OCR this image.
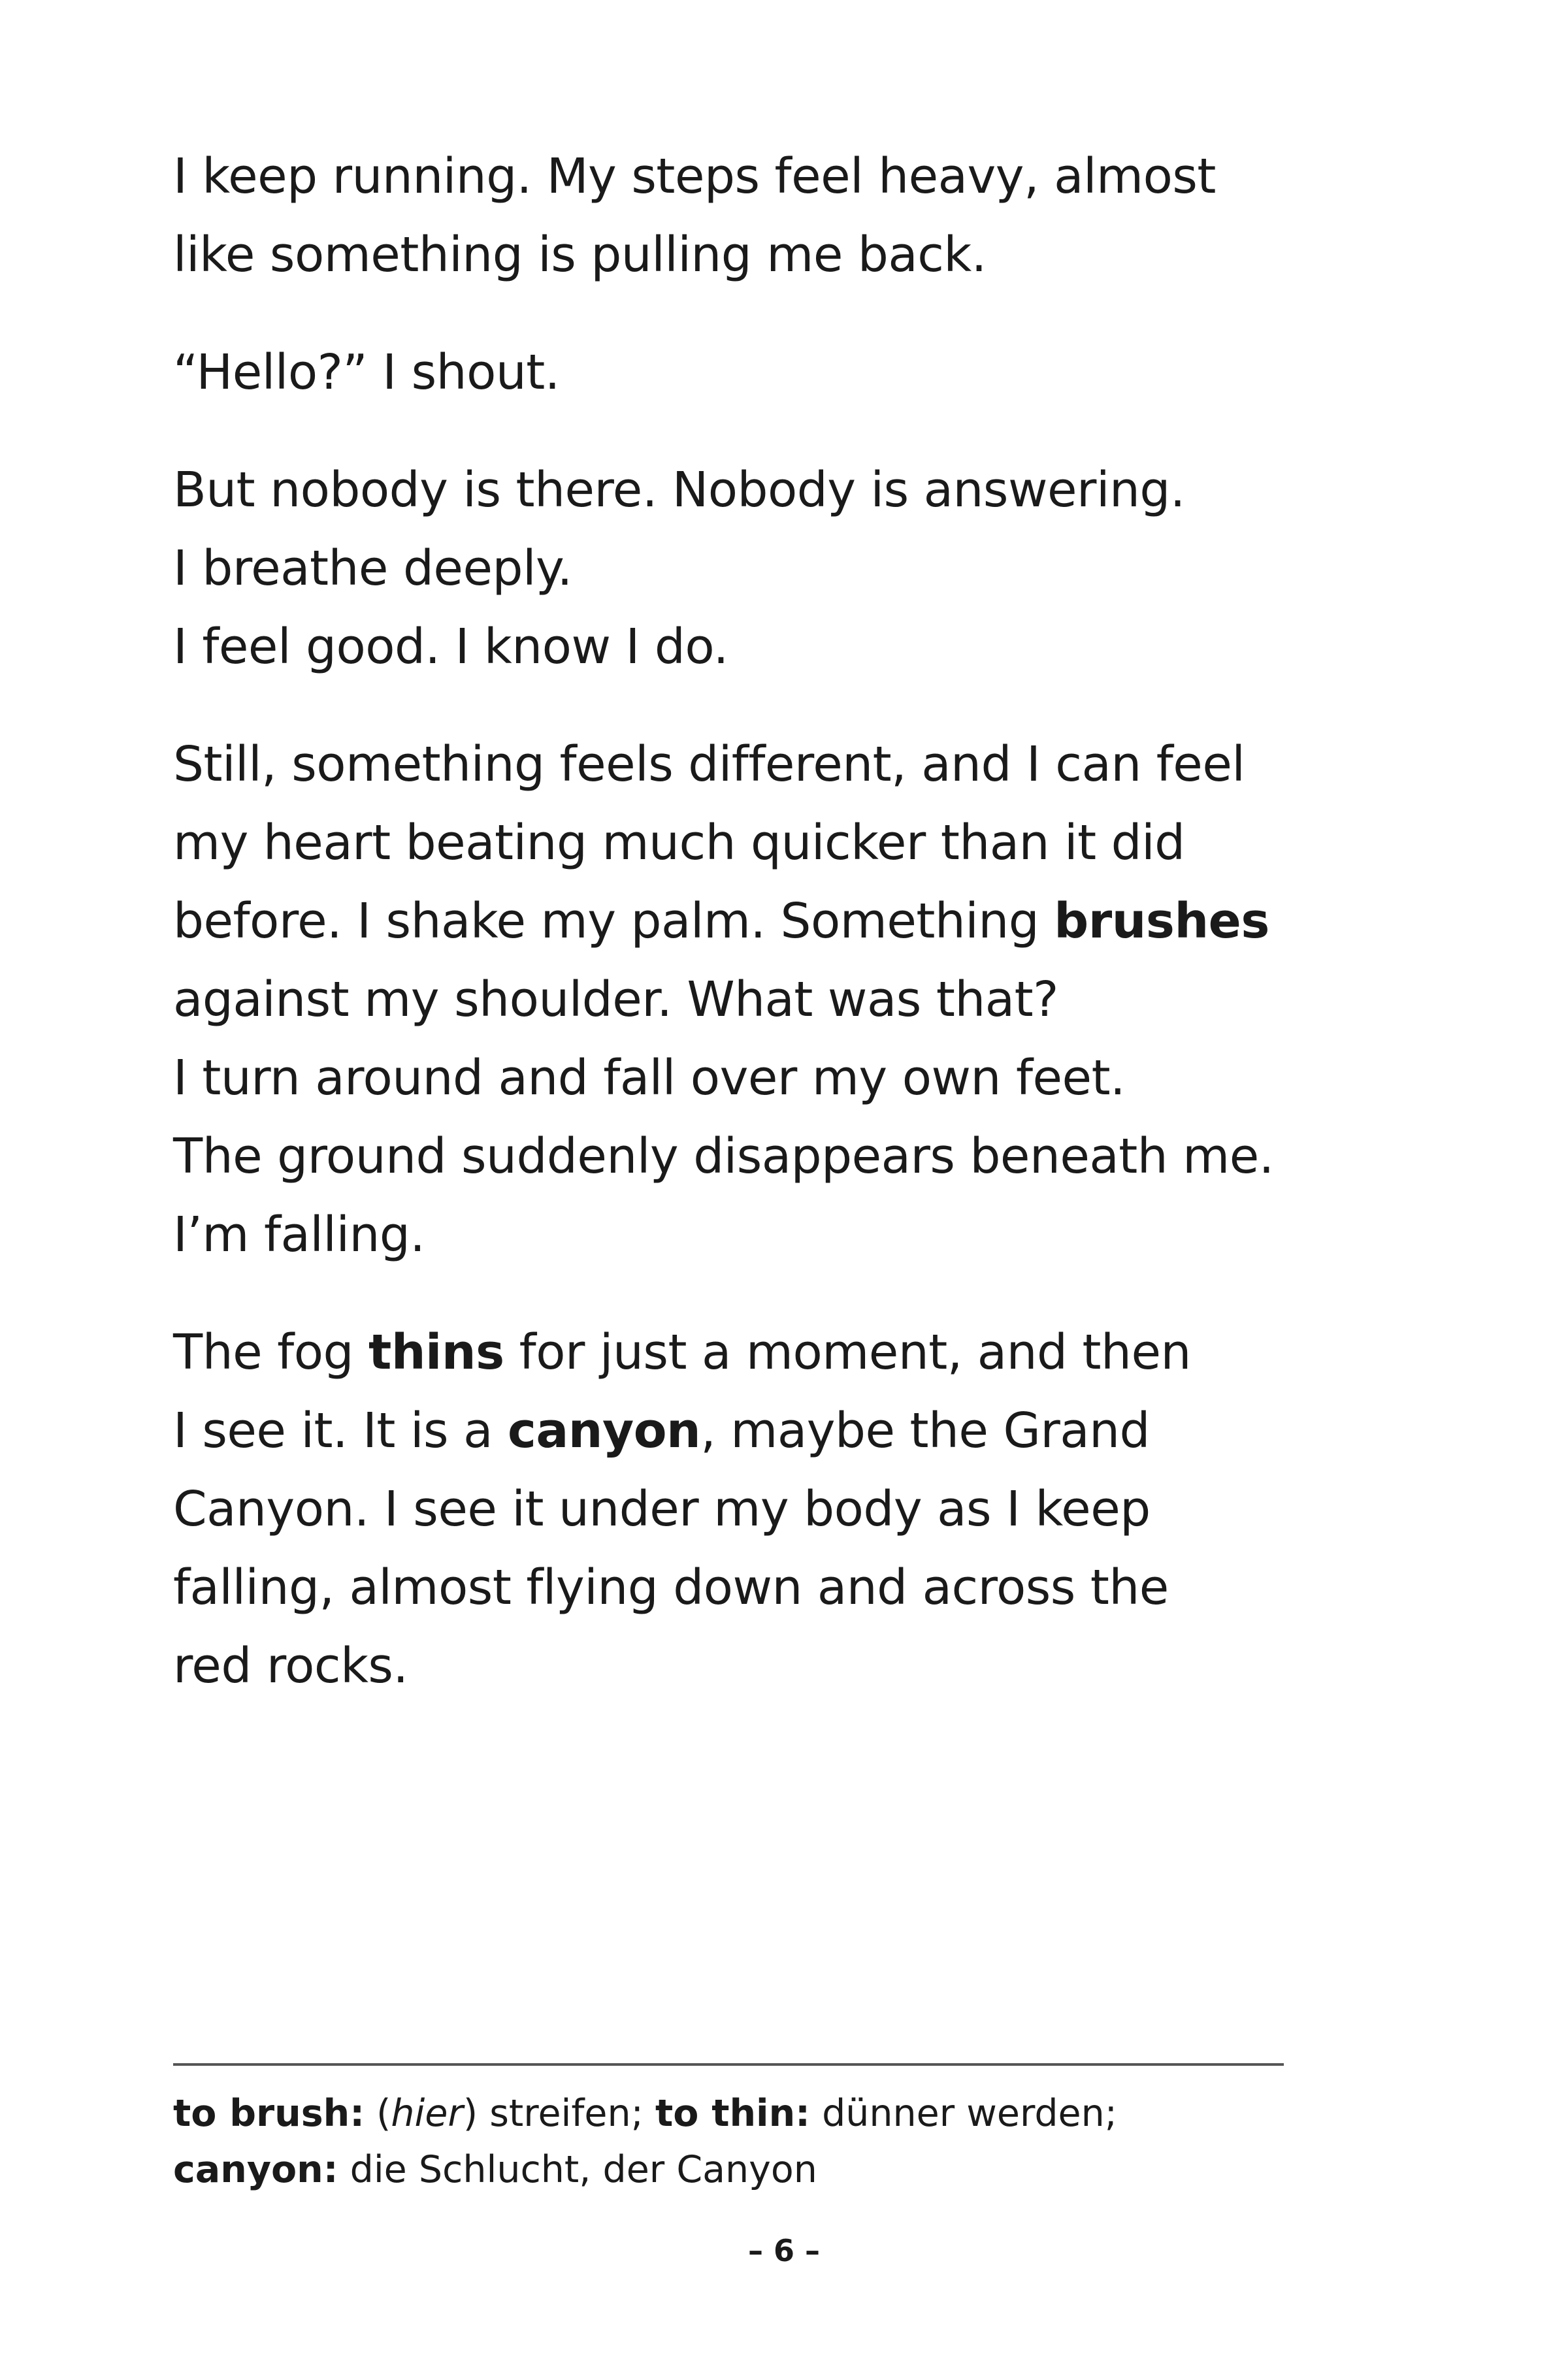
I keep running. My steps feel heavy, almost
like something is pulling me back.
“Hello?” I shout.
But nobody is there. Nobody is answering.
I breathe deeply.
I feel good. I know I do.
Still, something feels different, and I can feel
my heart beating much quicker than it did
before. I shake my palm. Something brushes
against my shoulder. What was that?
I turn around and fall over my own feet.
The ground suddenly disappears beneath me.
I’m falling.
The fog thins for just a moment, and then
I see it. It is a canyon, maybe the Grand
Canyon. I see it under my body as I keep
falling, almost flying down and across the
red rocks.
to brush: (hier) streifen; to thin: dünner werden;
canyon: die Schlucht, der Canyon
– 6 –
